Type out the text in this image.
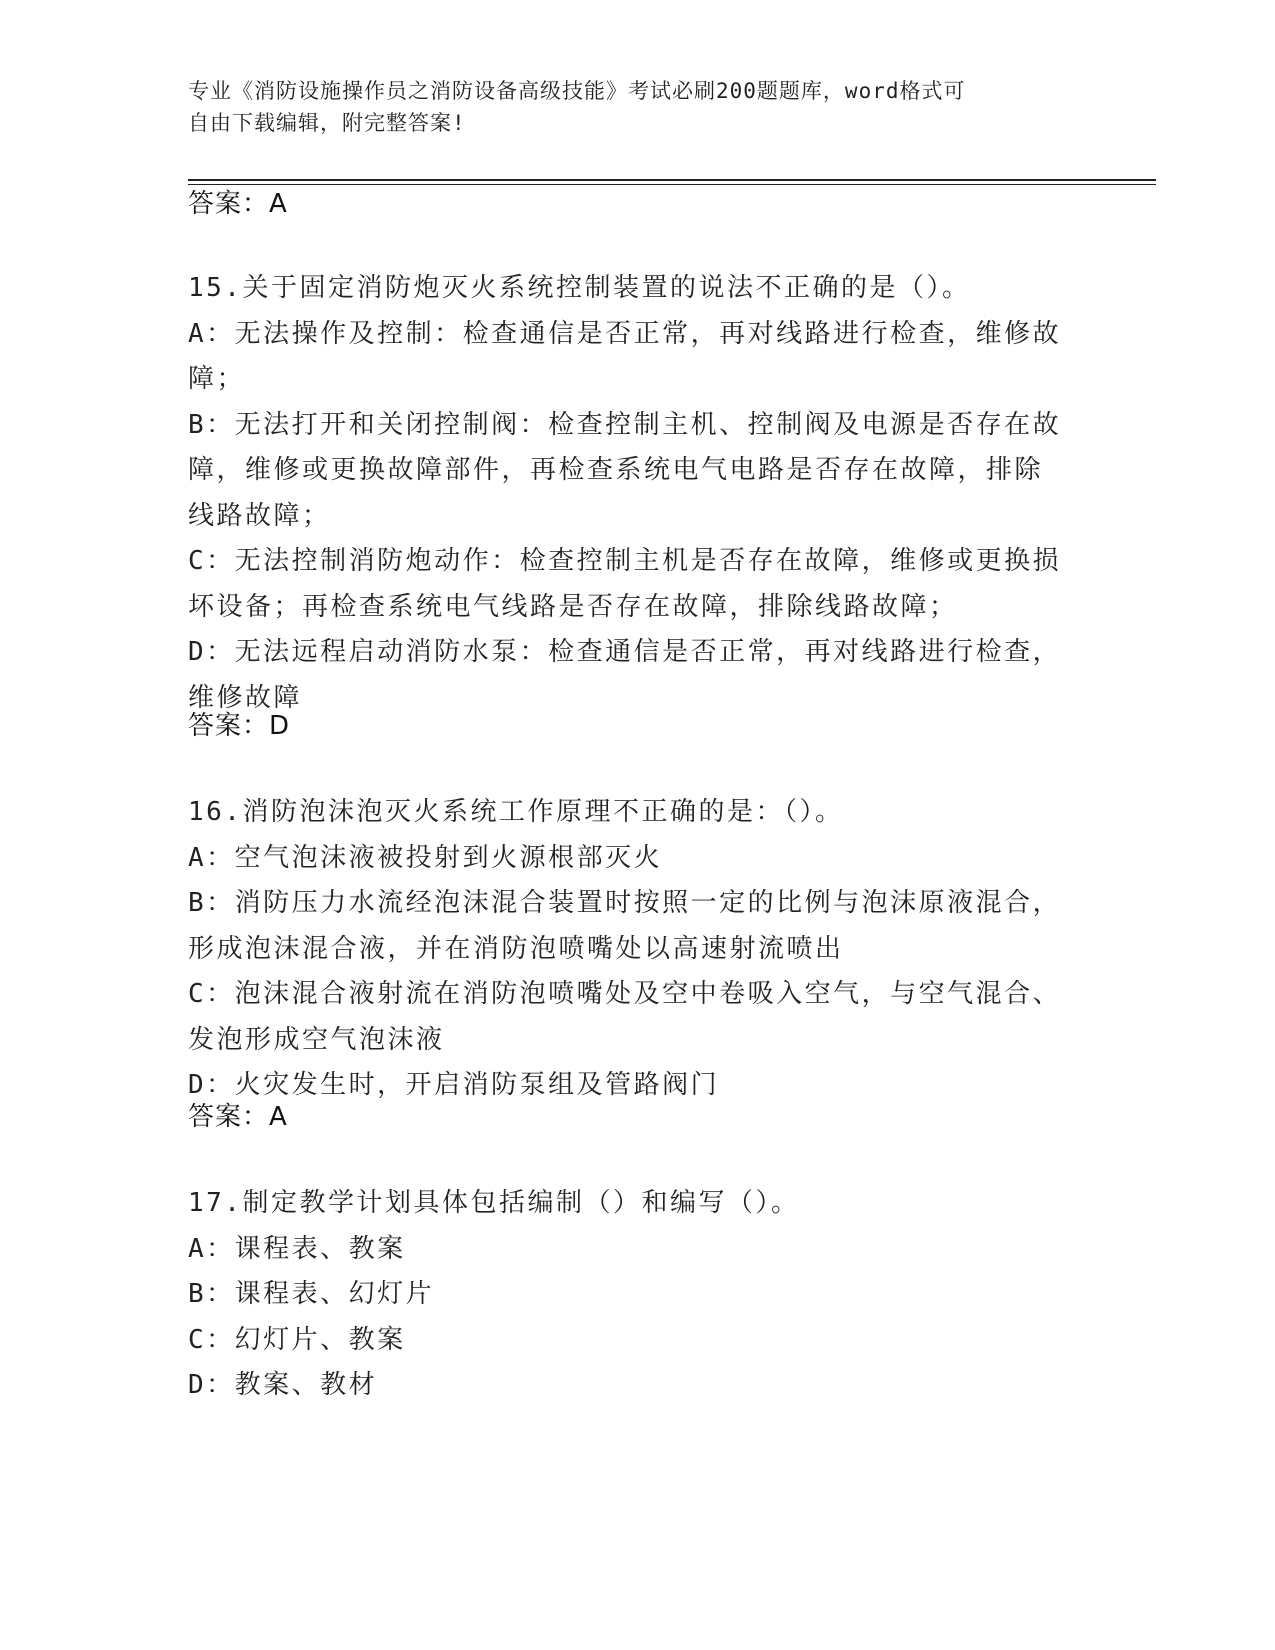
专业《消防设施操作员之消防设备高级技能》考试必刷200题题库，word格式可
自由下载编辑，附完整答案!
答案：A
15.关于固定消防炮灭火系统控制装置的说法不正确的是（）。
A：无法操作及控制：检查通信是否正常，再对线路进行检查，维修故
障；
B：无法打开和关闭控制阀：检查控制主机、控制阀及电源是否存在故
障，维修或更换故障部件，再检查系统电气电路是否存在故障，排除
线路故障；
C：无法控制消防炮动作：检查控制主机是否存在故障，维修或更换损
坏设备；再检查系统电气线路是否存在故障，排除线路故障；
D：无法远程启动消防水泵：检查通信是否正常，再对线路进行检查，
维修故障
答案：D
16.消防泡沫泡灭火系统工作原理不正确的是：（）。
A：空气泡沫液被投射到火源根部灭火
B：消防压力水流经泡沫混合装置时按照一定的比例与泡沫原液混合，
形成泡沫混合液，并在消防泡喷嘴处以高速射流喷出
C：泡沫混合液射流在消防泡喷嘴处及空中卷吸入空气，与空气混合、
发泡形成空气泡沫液
D：火灾发生时，开启消防泵组及管路阀门
答案：A
17.制定教学计划具体包括编制（）和编写（）。
A：课程表、教案
B：课程表、幻灯片
C：幻灯片、教案
D：教案、教材
